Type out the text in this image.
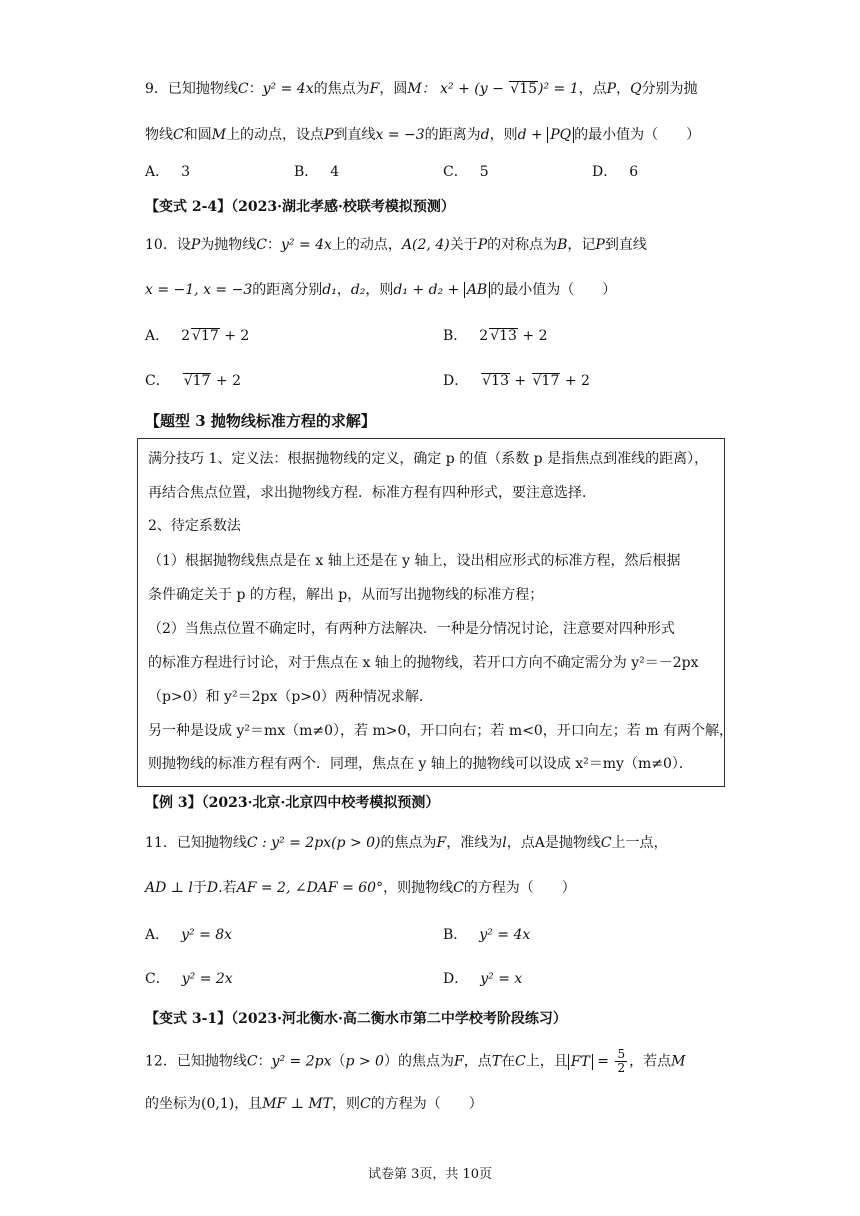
9．已知抛物线C：y² = 4x的焦点为F，圆M： x² + (y − √15)² = 1，点P，Q分别为抛
物线C和圆M上的动点，设点P到直线x = −3的距离为d，则d + PQ 的最小值为（　　）
A． 3	B． 4	C． 5	D． 6
【变式 2-4】（2023·湖北孝感·校联考模拟预测）
10．设P为抛物线C：y² = 4x上的动点，A(2, 4)关于P的对称点为B，记P到直线
x = −1, x = −3的距离分别d₁，d₂，则d₁ + d₂ + AB 的最小值为（　　）
A． 2 √17 + 2	B． 2 √13 + 2
C． √17 + 2	D． √13 + √17 + 2
【题型 3 抛物线标准方程的求解】
满分技巧 1、定义法：根据抛物线的定义，确定 p 的值（系数 p 是指焦点到准线的距离），
再结合焦点位置，求出抛物线方程．标准方程有四种形式，要注意选择．
2、待定系数法
（1）根据抛物线焦点是在 x 轴上还是在 y 轴上，设出相应形式的标准方程，然后根据
条件确定关于 p 的方程，解出 p，从而写出抛物线的标准方程；
（2）当焦点位置不确定时，有两种方法解决．一种是分情况讨论，注意要对四种形式
的标准方程进行讨论，对于焦点在 x 轴上的抛物线，若开口方向不确定需分为 y²＝－2px
（p>0）和 y²＝2px（p>0）两种情况求解．
另一种是设成 y²＝mx（m≠0），若 m>0，开口向右；若 m<0，开口向左；若 m 有两个解，
则抛物线的标准方程有两个．同理，焦点在 y 轴上的抛物线可以设成 x²＝my（m≠0）．
【例 3】（2023·北京·北京四中校考模拟预测）
11．已知抛物线C : y² = 2px(p > 0)的焦点为F，准线为l，点A是抛物线C上一点，
AD ⊥ l于D.若AF = 2, ∠DAF = 60°，则抛物线C的方程为（　　）
A． y² = 8x	B． y² = 4x
C． y² = 2x	D． y² = x
【变式 3-1】（2023·河北衡水·高二衡水市第二中学校考阶段练习）
12．已知抛物线C：y² = 2px（p > 0）的焦点为F，点T在C上，且 FT = $\frac{5}{2}$ ，若点M
的坐标为(0,1)，且MF ⊥ MT，则C的方程为（　　）
试卷第 3页，共 10页
